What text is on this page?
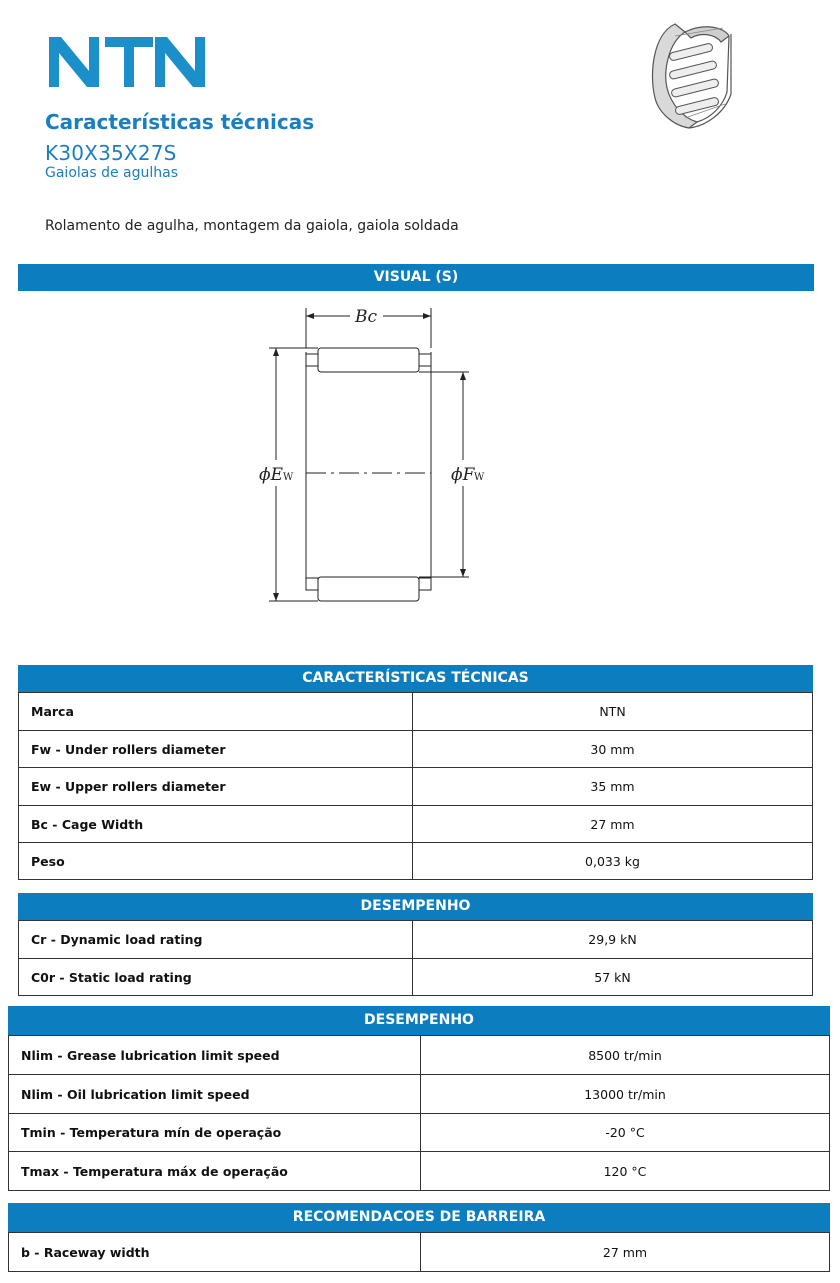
®
Características técnicas
K30X35X27S
Gaiolas de agulhas
Rolamento de agulha, montagem da gaiola, gaiola soldada
VISUAL (S)
Bc
ϕE W	ϕF W
CARACTERÍSTICAS TÉCNICAS
Marca	NTN
Fw - Under rollers diameter	30 mm
Ew - Upper rollers diameter	35 mm
Bc - Cage Width	27 mm
Peso	0,033 kg
DESEMPENHO
Cr - Dynamic load rating	29,9 kN
C0r - Static load rating	57 kN
DESEMPENHO
Nlim - Grease lubrication limit speed	8500 tr/min
Nlim - Oil lubrication limit speed	13000 tr/min
Tmin - Temperatura mín de operação	-20 °C
Tmax - Temperatura máx de operação	120 °C
RECOMENDACOES DE BARREIRA
b - Raceway width	27 mm
